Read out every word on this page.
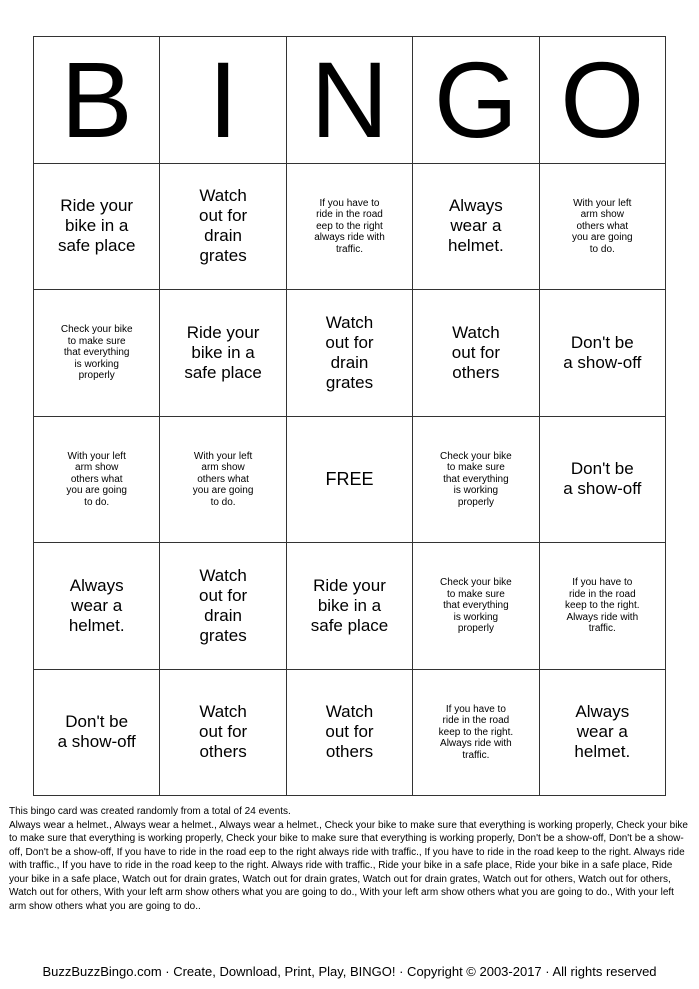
B I N G O
Ride your
bike in a
safe place
Watch
out for
drain
grates
If you have to
ride in the road
eep to the right
always ride with
traffic.
Always
wear a
helmet.
With your left
arm show
others what
you are going
to do.
Check your bike
to make sure
that everything
is working
properly
Ride your
bike in a
safe place
Watch
out for
drain
grates
Watch
out for
others
Don't be
a show-off
With your left
arm show
others what
you are going
to do.
With your left
arm show
others what
you are going
to do.
FREE
Check your bike
to make sure
that everything
is working
properly
Don't be
a show-off
Always
wear a
helmet.
Watch
out for
drain
grates
Ride your
bike in a
safe place
Check your bike
to make sure
that everything
is working
properly
If you have to
ride in the road
keep to the right.
Always ride with
traffic.
Don't be
a show-off
Watch
out for
others
Watch
out for
others
If you have to
ride in the road
keep to the right.
Always ride with
traffic.
Always
wear a
helmet.

This bingo card was created randomly from a total of 24 events.

Always wear a helmet., Always wear a helmet., Always wear a helmet., Check your bike to make sure that everything is working properly, Check your bike to make sure that everything is working properly, Check your bike to make sure that everything is working properly, Don't be a show-off, Don't be a show-off, Don't be a show-off, If you have to ride in the road eep to the right always ride with traffic., If you have to ride in the road keep to the right. Always ride with traffic., If you have to ride in the road keep to the right. Always ride with traffic., Ride your bike in a safe place, Ride your bike in a safe place, Ride your bike in a safe place, Watch out for drain grates, Watch out for drain grates, Watch out for drain grates, Watch out for others, Watch out for others, Watch out for others, With your left arm show others what you are going to do., With your left arm show others what you are going to do., With your left arm show others what you are going to do..

BuzzBuzzBingo.com · Create, Download, Print, Play, BINGO! · Copyright © 2003-2017 · All rights reserved
